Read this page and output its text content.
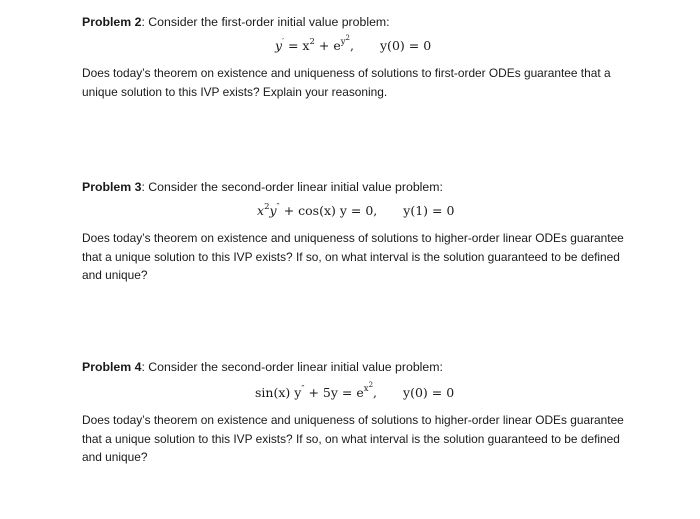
Problem 2: Consider the first-order initial value problem:
$y' = x^2 + e^{y^2}$, y(0) = 0
Does today’s theorem on existence and uniqueness of solutions to first-order ODEs guarantee that a unique solution to this IVP exists? Explain your reasoning.
Problem 3: Consider the second-order linear initial value problem:
$x^2y'' + \cos(x) y = 0$, y(1) = 0
Does today’s theorem on existence and uniqueness of solutions to higher-order linear ODEs guarantee that a unique solution to this IVP exists? If so, on what interval is the solution guaranteed to be defined and unique?
Problem 4: Consider the second-order linear initial value problem:
sin(x) $y'' + 5y = e^{x^2}$, y(0) = 0
Does today’s theorem on existence and uniqueness of solutions to higher-order linear ODEs guarantee that a unique solution to this IVP exists? If so, on what interval is the solution guaranteed to be defined and unique?
